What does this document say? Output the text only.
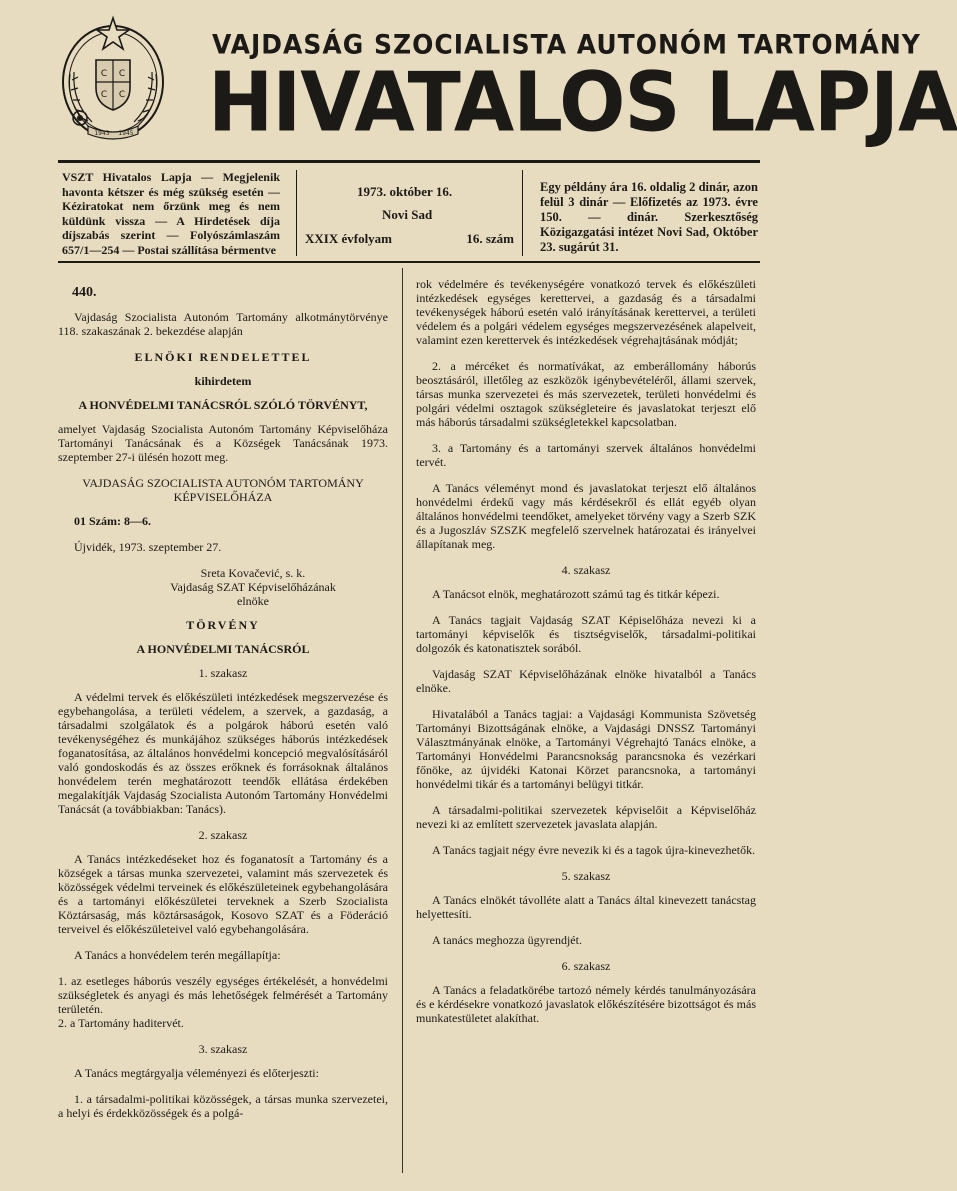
C C
C C
1943 1945
VAJDASÁG SZOCIALISTA AUTONÓM TARTOMÁNY
HIVATALOS LAPJA
VSZT Hivatalos Lapja — Megjelenik havonta kétszer és még szükség esetén — Kéziratokat nem őrzünk meg és nem küldünk vissza — A Hirdetések díja díjszabás szerint — Folyószámlaszám 657/1—254 — Postai szállítása bérmentve
1973. október 16.
Novi Sad
XXIX évfolyam	16. szám
Egy példány ára 16. oldalig 2 dinár, azon felül 3 dinár — Előfizetés az 1973. évre 150. — dinár. Szerkesztőség Közigazgatási intézet Novi Sad, Október 23. sugárút 31.
440.

Vajdaság Szocialista Autonóm Tartomány alkotmánytörvénye 118. szakaszának 2. bekezdése alapján

ELNÖKI RENDELETTEL
kihirdetem
A HONVÉDELMI TANÁCSRÓL SZÓLÓ TÖRVÉNYT,

amelyet Vajdaság Szocialista Autonóm Tartomány Képviselőháza Tartományi Tanácsának és a Községek Tanácsának 1973. szeptember 27-i ülésén hozott meg.

VAJDASÁG SZOCIALISTA AUTONÓM TARTOMÁNY KÉPVISELŐHÁZA

01 Szám: 8—6.

Újvidék, 1973. szeptember 27.

Sreta Kovačević, s. k.
Vajdaság SZAT Képviselőházának
elnöke
TÖRVÉNY
A HONVÉDELMI TANÁCSRÓL
1. szakasz

A védelmi tervek és előkészületi intézkedések megszervezése és egybehangolása, a területi védelem, a szervek, a gazdaság, a társadalmi szolgálatok és a polgárok háború esetén való tevékenységéhez és munkájához szükséges háborús intézkedések foganatosítása, az általános honvédelmi koncepció megvalósításáról való gondoskodás és az összes erőknek és forrásoknak általános honvédelem terén meghatározott teendők ellátása érdekében megalakítják Vajdaság Szocialista Autonóm Tartomány Honvédelmi Tanácsát (a továbbiakban: Tanács).

2. szakasz

A Tanács intézkedéseket hoz és foganatosít a Tartomány és a községek a társas munka szervezetei, valamint más szervezetek és közösségek védelmi terveinek és előkészületeinek egybehangolására és a tartományi előkészületei terveknek a Szerb Szocialista Köztársaság, más köztársaságok, Kosovo SZAT és a Föderáció terveivel és előkészületeivel való egybehangolására.

A Tanács a honvédelem terén megállapítja:

1. az esetleges háborús veszély egységes értékelését, a honvédelmi szükségletek és anyagi és más lehetőségek felmérését a Tartomány területén.

2. a Tartomány haditervét.

3. szakasz

A Tanács megtárgyalja véleményezi és előterjeszti:

1. a társadalmi-politikai közösségek, a társas munka szervezetei, a helyi és érdekközösségek és a polgá-

rok védelmére és tevékenységére vonatkozó tervek és előkészületi intézkedések egységes kerettervei, a gazdaság és a társadalmi tevékenységek háború esetén való irányításának kerettervei, a területi védelem és a polgári védelem egységes megszervezésének alapelveit, valamint ezen kerettervek és intézkedések végrehajtásának módját;

2. a mércéket és normatívákat, az emberállomány háborús beosztásáról, illetőleg az eszközök igénybevételéről, állami szervek, társas munka szervezetei és más szervezetek, területi honvédelmi és polgári védelmi osztagok szükségleteire és javaslatokat terjeszt elő más háborús társadalmi szükségletekkel kapcsolatban.

3. a Tartomány és a tartományi szervek általános honvédelmi tervét.

A Tanács véleményt mond és javaslatokat terjeszt elő általános honvédelmi érdekű vagy más kérdésekről és ellát egyéb olyan általános honvédelmi teendőket, amelyeket törvény vagy a Szerb SZK és a Jugoszláv SZSZK megfelelő szervelnek határozatai és irányelvei állapítanak meg.

4. szakasz

A Tanácsot elnök, meghatározott számú tag és titkár képezi.

A Tanács tagjait Vajdaság SZAT Képiselőháza nevezi ki a tartományi képviselők és tisztségviselők, társadalmi-politikai dolgozók és katonatisztek sorából.

Vajdaság SZAT Képviselőházának elnöke hivatalból a Tanács elnöke.

Hivatalából a Tanács tagjai: a Vajdasági Kommunista Szövetség Tartományi Bizottságának elnöke, a Vajdasági DNSSZ Tartományi Választmányának elnöke, a Tartományi Végrehajtó Tanács elnöke, a Tartományi Honvédelmi Parancsnokság parancsnoka és vezérkari főnöke, az újvidéki Katonai Körzet parancsnoka, a tartományi honvédelmi tikár és a tartományi belügyi titkár.

A társadalmi-politikai szervezetek képviselőit a Képviselőház nevezi ki az említett szervezetek javaslata alapján.

A Tanács tagjait négy évre nevezik ki és a tagok újra-kinevezhetők.

5. szakasz

A Tanács elnökét távolléte alatt a Tanács által kinevezett tanácstag helyettesíti.

A tanács meghozza ügyrendjét.

6. szakasz

A Tanács a feladatkörébe tartozó némely kérdés tanulmányozására és e kérdésekre vonatkozó javaslatok előkészítésére bizottságot és más munkatestületet alakíthat.
